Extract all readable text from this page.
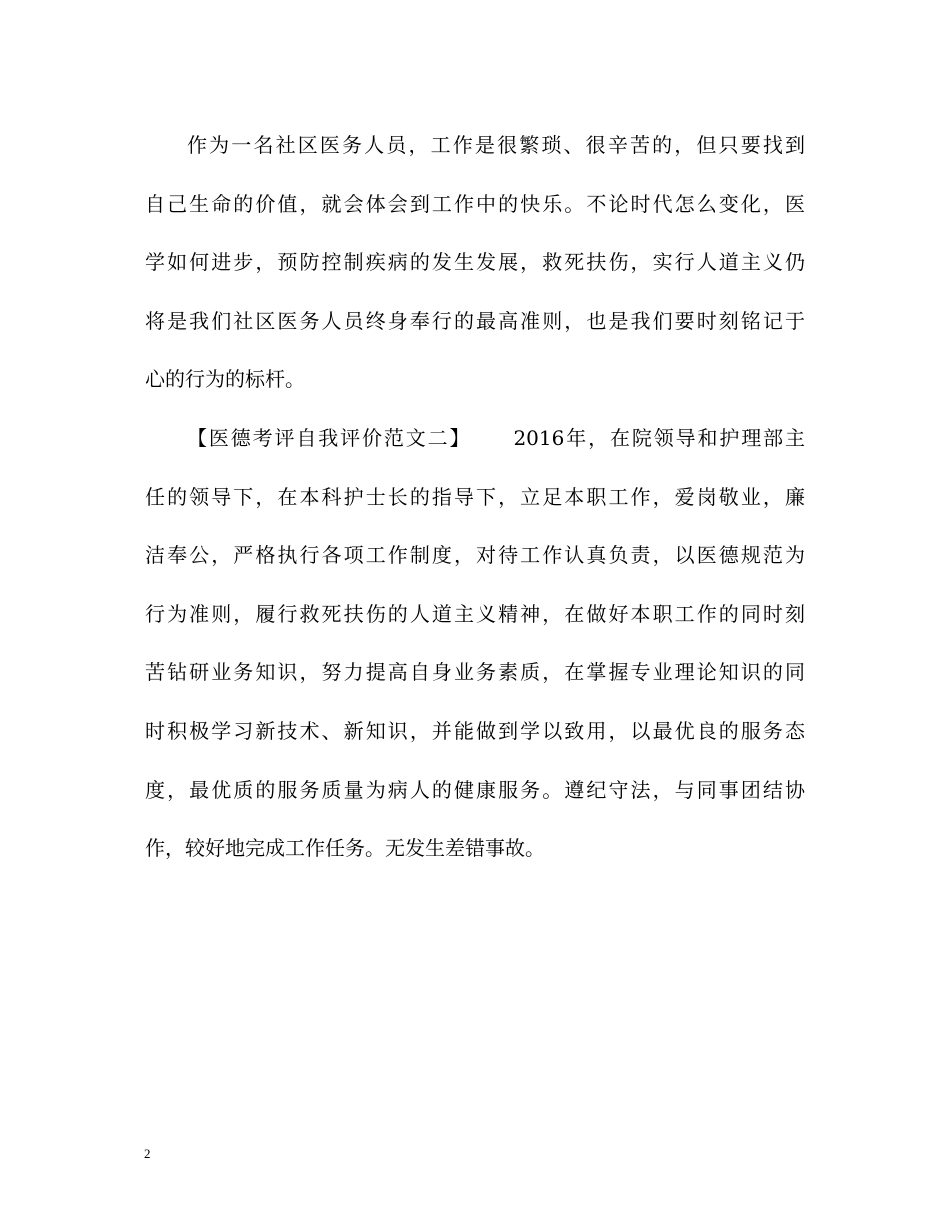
作为一名社区医务人员，工作是很繁琐、很辛苦的，但只要找到
自己生命的价值，就会体会到工作中的快乐。不论时代怎么变化，医
学如何进步，预防控制疾病的发生发展，救死扶伤，实行人道主义仍
将是我们社区医务人员终身奉行的最高准则，也是我们要时刻铭记于
心的行为的标杆。
【医德考评自我评价范文二】 2016年，在院领导和护理部主
任的领导下，在本科护士长的指导下，立足本职工作，爱岗敬业，廉
洁奉公，严格执行各项工作制度，对待工作认真负责，以医德规范为
行为准则，履行救死扶伤的人道主义精神，在做好本职工作的同时刻
苦钻研业务知识，努力提高自身业务素质，在掌握专业理论知识的同
时积极学习新技术、新知识，并能做到学以致用，以最优良的服务态
度，最优质的服务质量为病人的健康服务。遵纪守法，与同事团结协
作，较好地完成工作任务。无发生差错事故。
2
